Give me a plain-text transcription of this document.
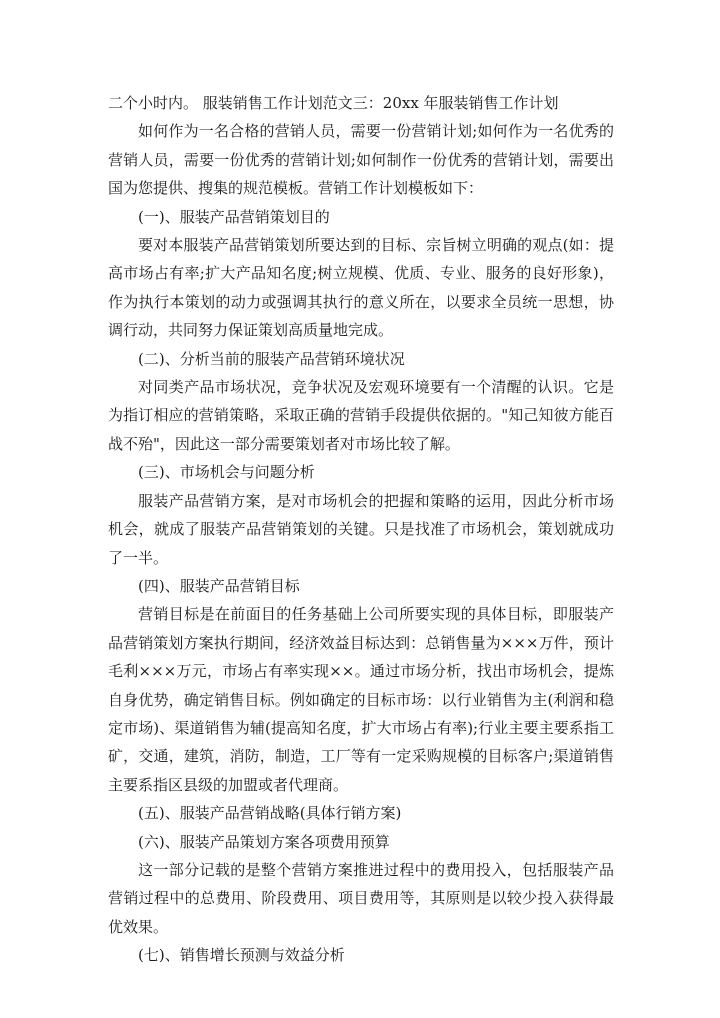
二个小时内。 服装销售工作计划范文三：20xx 年服装销售工作计划

如何作为一名合格的营销人员，需要一份营销计划;如何作为一名优秀的营销人员，需要一份优秀的营销计划;如何制作一份优秀的营销计划，需要出国为您提供、搜集的规范模板。营销工作计划模板如下：

(一)、服装产品营销策划目的

要对本服装产品营销策划所要达到的目标、宗旨树立明确的观点(如：提高市场占有率;扩大产品知名度;树立规模、优质、专业、服务的良好形象)，作为执行本策划的动力或强调其执行的意义所在，以要求全员统一思想，协调行动，共同努力保证策划高质量地完成。

(二)、分析当前的服装产品营销环境状况

对同类产品市场状况，竞争状况及宏观环境要有一个清醒的认识。它是为指订相应的营销策略，采取正确的营销手段提供依据的。"知己知彼方能百战不殆"，因此这一部分需要策划者对市场比较了解。

(三)、市场机会与问题分析

服装产品营销方案，是对市场机会的把握和策略的运用，因此分析市场机会，就成了服装产品营销策划的关键。只是找准了市场机会，策划就成功了一半。

(四)、服装产品营销目标

营销目标是在前面目的任务基础上公司所要实现的具体目标，即服装产品营销策划方案执行期间，经济效益目标达到：总销售量为×××万件，预计毛利×××万元，市场占有率实现××。通过市场分析，找出市场机会，提炼自身优势，确定销售目标。例如确定的目标市场：以行业销售为主(利润和稳定市场)、渠道销售为辅(提高知名度，扩大市场占有率);行业主要主要系指工矿，交通，建筑，消防，制造，工厂等有一定采购规模的目标客户;渠道销售主要系指区县级的加盟或者代理商。

(五)、服装产品营销战略(具体行销方案)

(六)、服装产品策划方案各项费用预算

这一部分记载的是整个营销方案推进过程中的费用投入，包括服装产品营销过程中的总费用、阶段费用、项目费用等，其原则是以较少投入获得最优效果。

(七)、销售增长预测与效益分析
